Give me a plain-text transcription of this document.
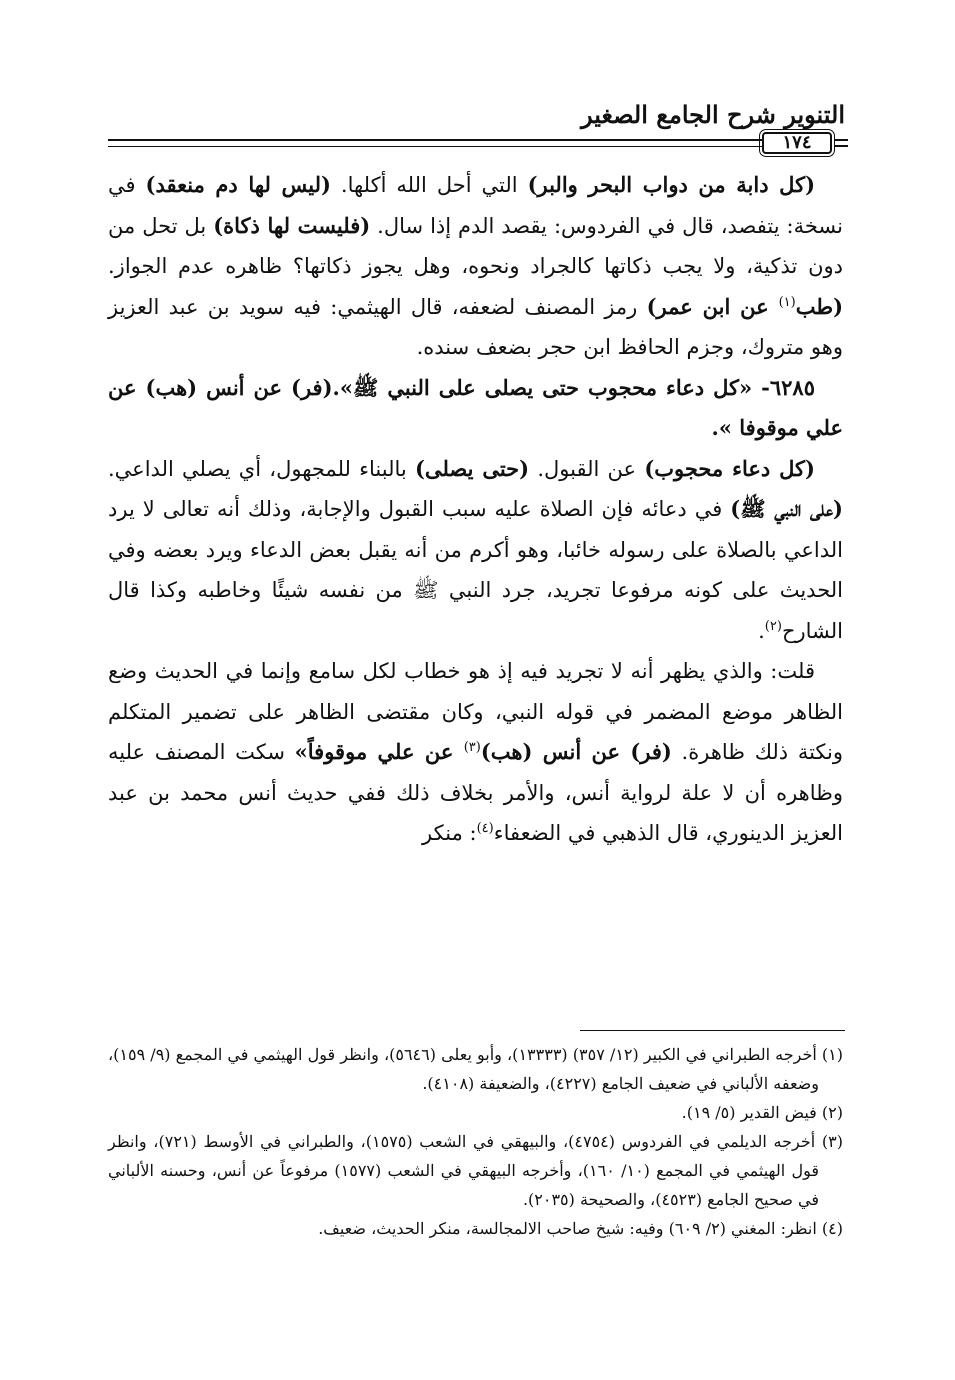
التنوير شرح الجامع الصغير
١٧٤

(كل دابة من دواب البحر والبر) التي أحل الله أكلها. (ليس لها دم منعقد) في نسخة: يتفصد، قال في الفردوس: يقصد الدم إذا سال. (فليست لها ذكاة) بل تحل من دون تذكية، ولا يجب ذكاتها كالجراد ونحوه، وهل يجوز ذكاتها؟ ظاهره عدم الجواز. (طب$^{(١)}$ عن ابن عمر) رمز المصنف لضعفه، قال الهيثمي: فيه سويد بن عبد العزيز وهو متروك، وجزم الحافظ ابن حجر بضعف سنده.

٦٢٨٥- «كل دعاء محجوب حتى يصلى على النبي ﷺ».(فر) عن أنس (هب) عن علي موقوفا ».

(كل دعاء محجوب) عن القبول. (حتى يصلى) بالبناء للمجهول، أي يصلي الداعي. (على النبي ﷺ) في دعائه فإن الصلاة عليه سبب القبول والإجابة، وذلك أنه تعالى لا يرد الداعي بالصلاة على رسوله خائبا، وهو أكرم من أنه يقبل بعض الدعاء ويرد بعضه وفي الحديث على كونه مرفوعا تجريد، جرد النبي ﷺ من نفسه شيئًا وخاطبه وكذا قال الشارح$^{(٢)}$.

قلت: والذي يظهر أنه لا تجريد فيه إذ هو خطاب لكل سامع وإنما في الحديث وضع الظاهر موضع المضمر في قوله النبي، وكان مقتضى الظاهر على تضمير المتكلم ونكتة ذلك ظاهرة. (فر) عن أنس (هب)$^{(٣)}$ عن علي موقوفاً» سكت المصنف عليه وظاهره أن لا علة لرواية أنس، والأمر بخلاف ذلك ففي حديث أنس محمد بن عبد العزيز الدينوري، قال الذهبي في الضعفاء$^{(٤)}$: منكر

(١) أخرجه الطبراني في الكبير (١٢/ ٣٥٧) (١٣٣٣٣)، وأبو يعلى (٥٦٤٦)، وانظر قول الهيثمي في المجمع (٩/ ١٥٩)، وضعفه الألباني في ضعيف الجامع (٤٢٢٧)، والضعيفة (٤١٠٨).

(٢) فيض القدير (٥/ ١٩).

(٣) أخرجه الديلمي في الفردوس (٤٧٥٤)، والبيهقي في الشعب (١٥٧٥)، والطبراني في الأوسط (٧٢١)، وانظر قول الهيثمي في المجمع (١٠/ ١٦٠)، وأخرجه البيهقي في الشعب (١٥٧٧) مرفوعاً عن أنس، وحسنه الألباني في صحيح الجامع (٤٥٢٣)، والصحيحة (٢٠٣٥).

(٤) انظر: المغني (٢/ ٦٠٩) وفيه: شيخ صاحب الالمجالسة، منكر الحديث، ضعيف.
